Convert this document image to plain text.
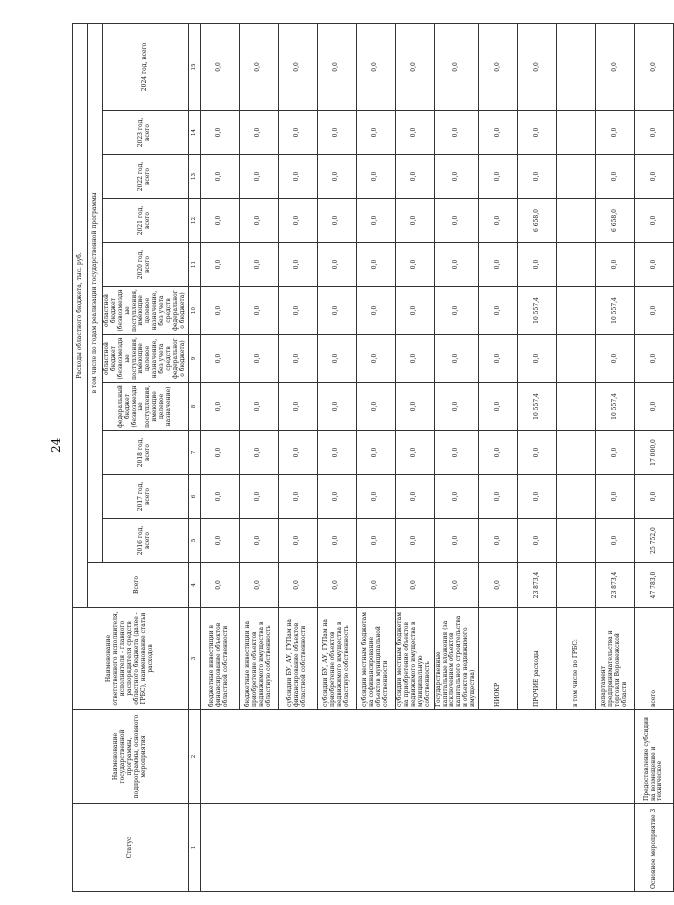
24
Статус	Наименование государственной программы, подпрограммы, основного мероприятия	Наименование ответственного исполнителя, исполнителя - главного распорядителя средств областного бюджета (далее - ГРБС), наименование статьи расходов	Расходы областного бюджета, тыс. руб.											
			Всего	в том числе по годам реализации государственной программы										
				2016 год, всего	2017 год, всего	2018 год, всего	федеральный бюджет (безвозмездные поступления, имеющие целевое назначение)	областной бюджет (безвозмездные поступления, имеющие целевое назначение, без учета средств федерального бюджета)	областной бюджет (безвозмездные поступления, имеющие целевое назначение, без учета средств федерального бюджета)	2020 год, всего	2021 год, всего	2022 год, всего	2023 год, всего	2024 год, всего
1	2	3	4	5	6	7	8	9	10	11	12	13	14	15
		бюджетные инвестиции в финансирование объектов областной собственности	0,0	0,0	0,0	0,0	0,0	0,0	0,0	0,0	0,0	0,0	0,0	0,0
		бюджетные инвестиции на приобретение объектов недвижимого имущества в областную собственность	0,0	0,0	0,0	0,0	0,0	0,0	0,0	0,0	0,0	0,0	0,0	0,0
		субсидии БУ, АУ, ГУПам на финансирование объектов областной собственности	0,0	0,0	0,0	0,0	0,0	0,0	0,0	0,0	0,0	0,0	0,0	0,0
		субсидии БУ, АУ, ГУПам на приобретение объектов недвижимого имущества в областную собственность	0,0	0,0	0,0	0,0	0,0	0,0	0,0	0,0	0,0	0,0	0,0	0,0
		субсидии местным бюджетам на софинансирование объектов муниципальной собственности	0,0	0,0	0,0	0,0	0,0	0,0	0,0	0,0	0,0	0,0	0,0	0,0
		субсидии местным бюджетам на приобретение объектов недвижимого имущества в муниципальную собственность	0,0	0,0	0,0	0,0	0,0	0,0	0,0	0,0	0,0	0,0	0,0	0,0
		Государственные капитальные вложения (за исключением объектов капитального строительства и объектов недвижимого имущества)	0,0	0,0	0,0	0,0	0,0	0,0	0,0	0,0	0,0	0,0	0,0	0,0
		НИОКР	0,0	0,0	0,0	0,0	0,0	0,0	0,0	0,0	0,0	0,0	0,0	0,0
		ПРОЧИЕ расходы	23 873,4	0,0	0,0	0,0	10 557,4	0,0	10 557,4	0,0	6 658,0	0,0	0,0	0,0
		в том числе по ГРБС:												
		департамент предпринимательства и торговли Воронежской области	23 873,4	0,0	0,0	0,0	10 557,4	0,0	10 557,4	0,0	6 658,0	0,0	0,0	0,0
Основное мероприятие 3	Предоставление субсидии на возмещение и техническое	всего	47 783,0	25 752,0	0,0	17 000,0	0,0	0,0	0,0	0,0	0,0	0,0	0,0	0,0
